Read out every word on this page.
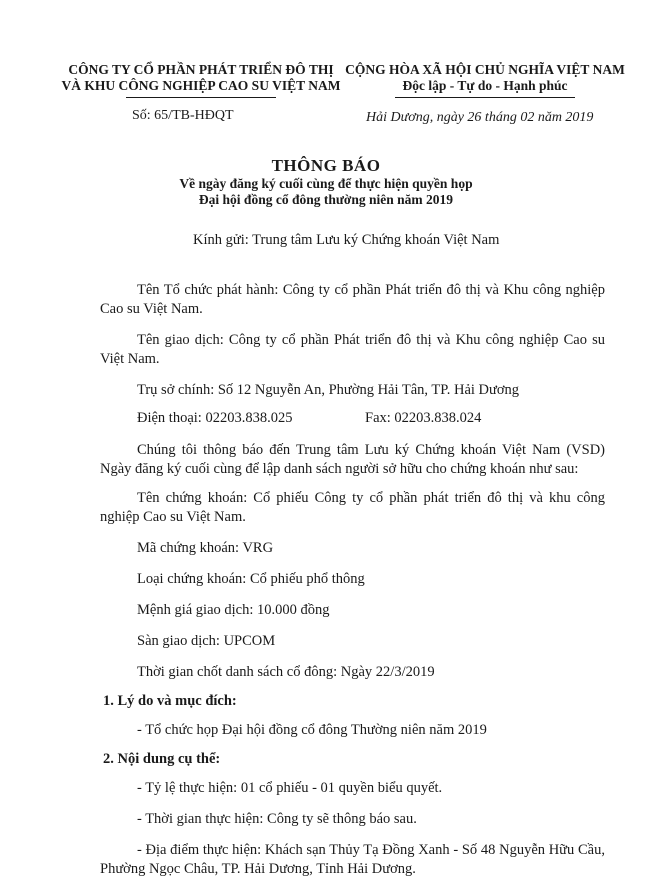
CÔNG TY CỔ PHẦN PHÁT TRIỂN ĐÔ THỊ
VÀ KHU CÔNG NGHIỆP CAO SU VIỆT NAM
CỘNG HÒA XÃ HỘI CHỦ NGHĨA VIỆT NAM
Độc lập - Tự do - Hạnh phúc
Số: 65/TB-HĐQT	Hải Dương, ngày 26 tháng 02 năm 2019
THÔNG BÁO
Về ngày đăng ký cuối cùng để thực hiện quyền họp
Đại hội đồng cổ đông thường niên năm 2019
Kính gửi: Trung tâm Lưu ký Chứng khoán Việt Nam
Tên Tổ chức phát hành: Công ty cổ phần Phát triển đô thị và Khu công nghiệp Cao su Việt Nam.
Tên giao dịch: Công ty cổ phần Phát triển đô thị và Khu công nghiệp Cao su Việt Nam.
Trụ sở chính: Số 12 Nguyễn An, Phường Hải Tân, TP. Hải Dương
Điện thoại: 02203.838.025	Fax: 02203.838.024
Chúng tôi thông báo đến Trung tâm Lưu ký Chứng khoán Việt Nam (VSD) Ngày đăng ký cuối cùng để lập danh sách người sở hữu cho chứng khoán như sau:
Tên chứng khoán: Cổ phiếu Công ty cổ phần phát triển đô thị và khu công nghiệp Cao su Việt Nam.
Mã chứng khoán: VRG
Loại chứng khoán: Cổ phiếu phổ thông
Mệnh giá giao dịch: 10.000 đồng
Sàn giao dịch: UPCOM
Thời gian chốt danh sách cổ đông: Ngày 22/3/2019
1. Lý do và mục đích:
- Tổ chức họp Đại hội đồng cổ đông Thường niên năm 2019
2. Nội dung cụ thể:
- Tỷ lệ thực hiện: 01 cổ phiếu - 01 quyền biểu quyết.
- Thời gian thực hiện: Công ty sẽ thông báo sau.
- Địa điểm thực hiện: Khách sạn Thủy Tạ Đồng Xanh - Số 48 Nguyễn Hữu Cầu, Phường Ngọc Châu, TP. Hải Dương, Tỉnh Hải Dương.
